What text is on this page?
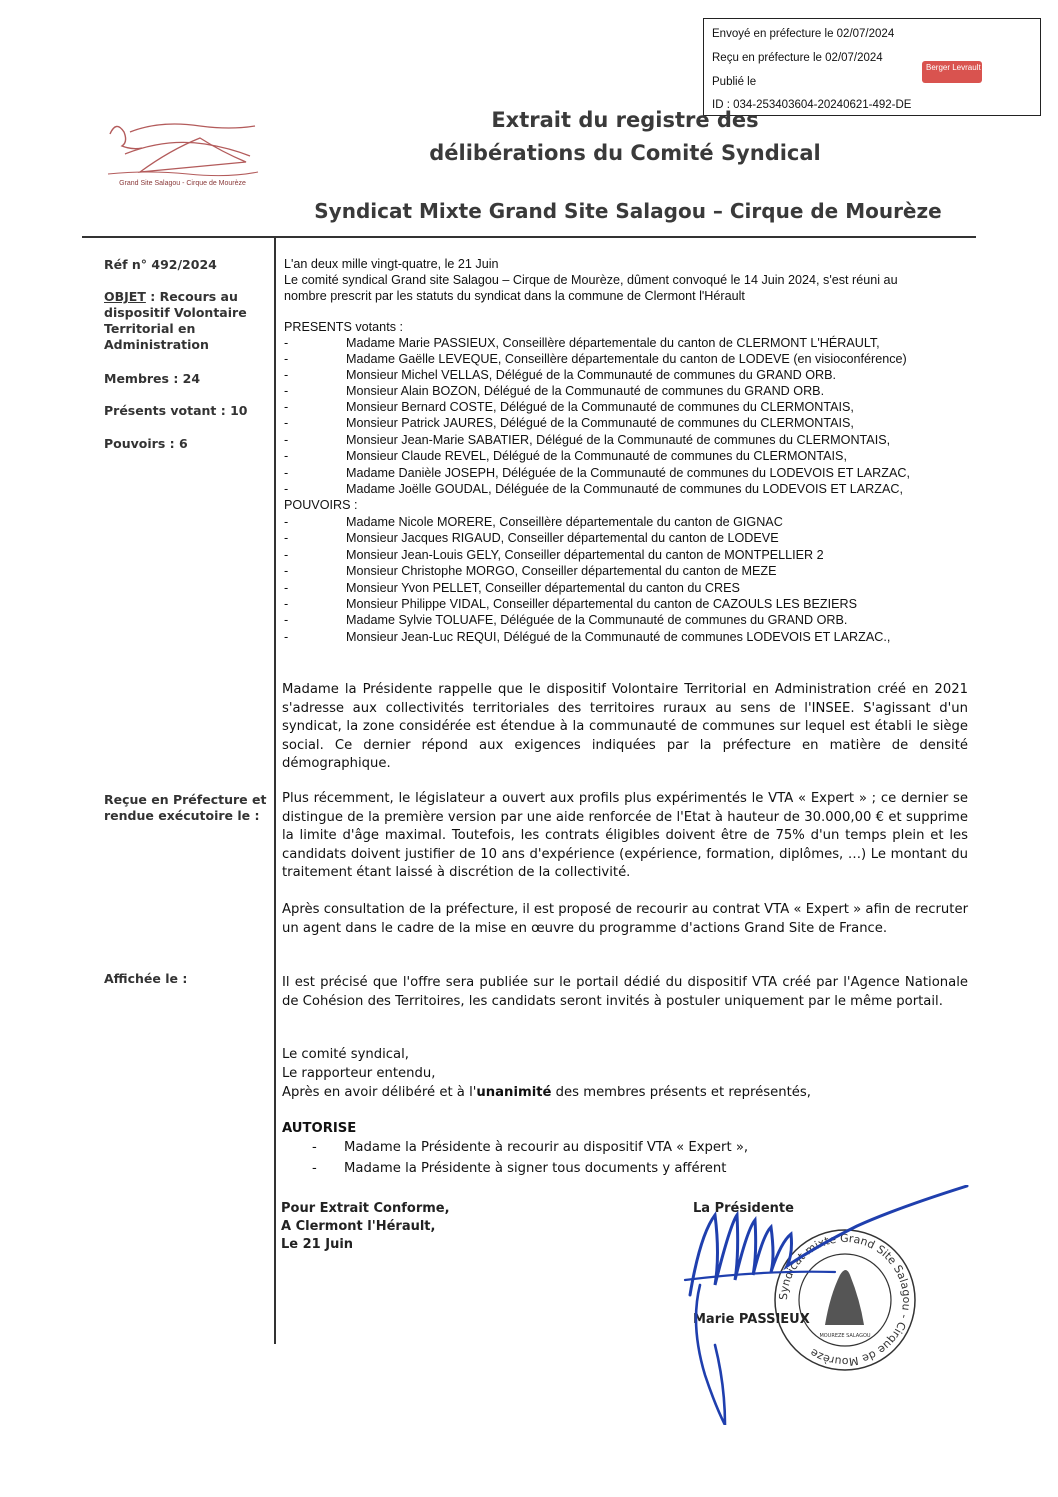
Envoyé en préfecture le 02/07/2024
Reçu en préfecture le 02/07/2024
Publié le
ID : 034-253403604-20240621-492-DE
Berger Levrault
Grand Site Salagou - Cirque de Mourèze
Extrait du registre des
délibérations du Comité Syndical
Syndicat Mixte Grand Site Salagou – Cirque de Mourèze
Réf n° 492/2024
OBJET : Recours au dispositif Volontaire Territorial en Administration
Membres : 24
Présents votant : 10
Pouvoirs : 6
Reçue en Préfecture et rendue exécutoire le :
Affichée le :
L'an deux mille vingt-quatre, le 21 Juin
Le comité syndical Grand site Salagou – Cirque de Mourèze, dûment convoqué le 14 Juin 2024, s'est réuni au
nombre prescrit par les statuts du syndicat dans la commune de Clermont l'Hérault
PRESENTS votants :
-	Madame Marie PASSIEUX, Conseillère départementale du canton de CLERMONT L'HÉRAULT,
-	Madame Gaëlle LEVEQUE, Conseillère départementale du canton de LODEVE (en visioconférence)
-	Monsieur Michel VELLAS, Délégué de la Communauté de communes du GRAND ORB.
-	Monsieur Alain BOZON, Délégué de la Communauté de communes du GRAND ORB.
-	Monsieur Bernard COSTE, Délégué de la Communauté de communes du CLERMONTAIS,
-	Monsieur Patrick JAURES, Délégué de la Communauté de communes du CLERMONTAIS,
-	Monsieur Jean-Marie SABATIER, Délégué de la Communauté de communes du CLERMONTAIS,
-	Monsieur Claude REVEL, Délégué de la Communauté de communes du CLERMONTAIS,
-	Madame Danièle JOSEPH, Déléguée de la Communauté de communes du LODEVOIS ET LARZAC,
-	Madame Joëlle GOUDAL, Déléguée de la Communauté de communes du LODEVOIS ET LARZAC,
POUVOIRS :
-	Madame Nicole MORERE, Conseillère départementale du canton de GIGNAC
-	Monsieur Jacques RIGAUD, Conseiller départemental du canton de LODEVE
-	Monsieur Jean-Louis GELY, Conseiller départemental du canton de MONTPELLIER 2
-	Monsieur Christophe MORGO, Conseiller départemental du canton de MEZE
-	Monsieur Yvon PELLET, Conseiller départemental du canton du CRES
-	Monsieur Philippe VIDAL, Conseiller départemental du canton de CAZOULS LES BEZIERS
-	Madame Sylvie TOLUAFE, Déléguée de la Communauté de communes du GRAND ORB.
-	Monsieur Jean-Luc REQUI, Délégué de la Communauté de communes LODEVOIS ET LARZAC.,
Madame la Présidente rappelle que le dispositif Volontaire Territorial en Administration créé en 2021 s'adresse aux collectivités territoriales des territoires ruraux au sens de l'INSEE. S'agissant d'un syndicat, la zone considérée est étendue à la communauté de communes sur lequel est établi le siège social. Ce dernier répond aux exigences indiquées par la préfecture en matière de densité démographique.
Plus récemment, le législateur a ouvert aux profils plus expérimentés le VTA « Expert » ; ce dernier se distingue de la première version par une aide renforcée de l'Etat à hauteur de 30.000,00 € et supprime la limite d'âge maximal. Toutefois, les contrats éligibles doivent être de 75% d'un temps plein et les candidats doivent justifier de 10 ans d'expérience (expérience, formation, diplômes, …) Le montant du traitement étant laissé à discrétion de la collectivité.
Après consultation de la préfecture, il est proposé de recourir au contrat VTA « Expert » afin de recruter un agent dans le cadre de la mise en œuvre du programme d'actions Grand Site de France.
Il est précisé que l'offre sera publiée sur le portail dédié du dispositif VTA créé par l'Agence Nationale de Cohésion des Territoires, les candidats seront invités à postuler uniquement par le même portail.
Le comité syndical,
Le rapporteur entendu,
Après en avoir délibéré et à l'unanimité des membres présents et représentés,
AUTORISE
-	Madame la Présidente à recourir au dispositif VTA « Expert »,
-	Madame la Présidente à signer tous documents y afférent
Pour Extrait Conforme,
A Clermont l'Hérault,
Le 21 Juin
La Présidente
Syndicat mixte Grand Site Salagou - Cirque de Mourèze
MOUREZE SALAGOU
Marie PASSIEUX
